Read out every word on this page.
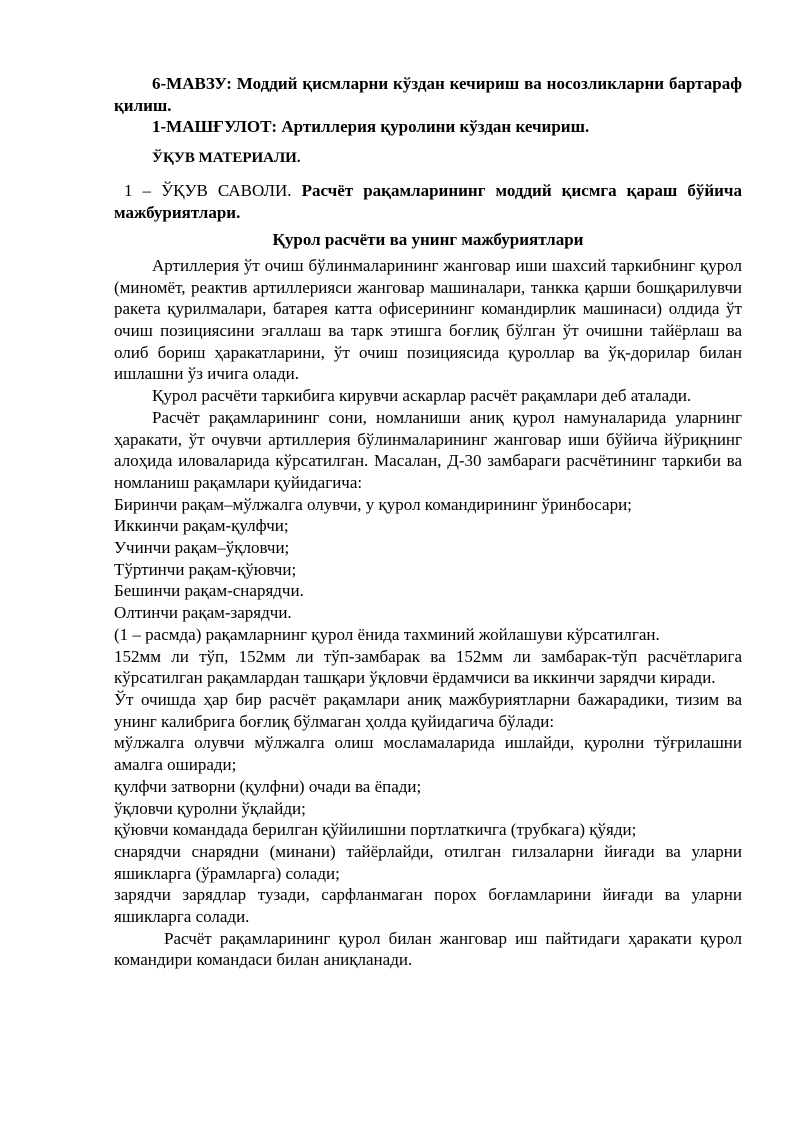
6-МАВЗУ: Моддий қисмларни кўздан кечириш ва носозликларни бартараф қилиш.

1-МАШҒУЛОТ: Артиллерия қуролини кўздан кечириш.

ЎҚУВ МАТЕРИАЛИ.

1 – ЎҚУВ САВОЛИ. Расчёт рақамларининг моддий қисмга қараш бўйича мажбуриятлари.

Қурол расчёти ва унинг мажбуриятлари

Артиллерия ўт очиш бўлинмаларининг жанговар иши шахсий таркибнинг қурол (миномёт, реактив артиллерияси жанговар машиналари, танкка қарши бошқарилувчи ракета қурилмалари, батарея катта офисерининг командирлик машинаси) олдида ўт очиш позициясини эгаллаш ва тарк этишга боғлиқ бўлган ўт очишни тайёрлаш ва олиб бориш ҳаракатларини, ўт очиш позициясида қуроллар ва ўқ-дорилар билан ишлашни ўз ичига олади.

Қурол расчёти таркибига кирувчи аскарлар расчёт рақамлари деб аталади.

Расчёт рақамларининг сони, номланиши аниқ қурол намуналарида уларнинг ҳаракати, ўт очувчи артиллерия бўлинмаларининг жанговар иши бўйича йўриқнинг алоҳида иловаларида кўрсатилган. Масалан, Д-30 замбараги расчётининг таркиби ва номланиш рақамлари қуйидагича:

Биринчи рақам–мўлжалга олувчи, у қурол командирининг ўринбосари;

Иккинчи рақам-қулфчи;

Учинчи рақам–ўқловчи;

Тўртинчи рақам-қўювчи;

Бешинчи рақам-снарядчи.

Олтинчи рақам-зарядчи.

(1 – расмда) рақамларнинг қурол ёнида тахминий жойлашуви кўрсатилган.

152мм ли тўп, 152мм ли тўп-замбарак ва 152мм ли замбарак-тўп расчётларига кўрсатилган рақамлардан ташқари ўқловчи ёрдамчиси ва иккинчи зарядчи киради.

Ўт очишда ҳар бир расчёт рақамлари аниқ мажбуриятларни бажарадики, тизим ва унинг калибрига боғлиқ бўлмаган ҳолда қуйидагича бўлади:

мўлжалга олувчи мўлжалга олиш мосламаларида ишлайди, қуролни тўғрилашни амалга оширади;

қулфчи затворни (қулфни) очади ва ёпади;

ўқловчи қуролни ўқлайди;

қўювчи командада берилган қўйилишни портлаткичга (трубкага) қўяди;

снарядчи снарядни (минани) тайёрлайди, отилган гилзаларни йиғади ва уларни яшикларга (ўрамларга) солади;

зарядчи зарядлар тузади, сарфланмаган порох боғламларини йиғади ва уларни яшикларга солади.

Расчёт рақамларининг қурол билан жанговар иш пайтидаги ҳаракати қурол командири командаси билан аниқланади.
